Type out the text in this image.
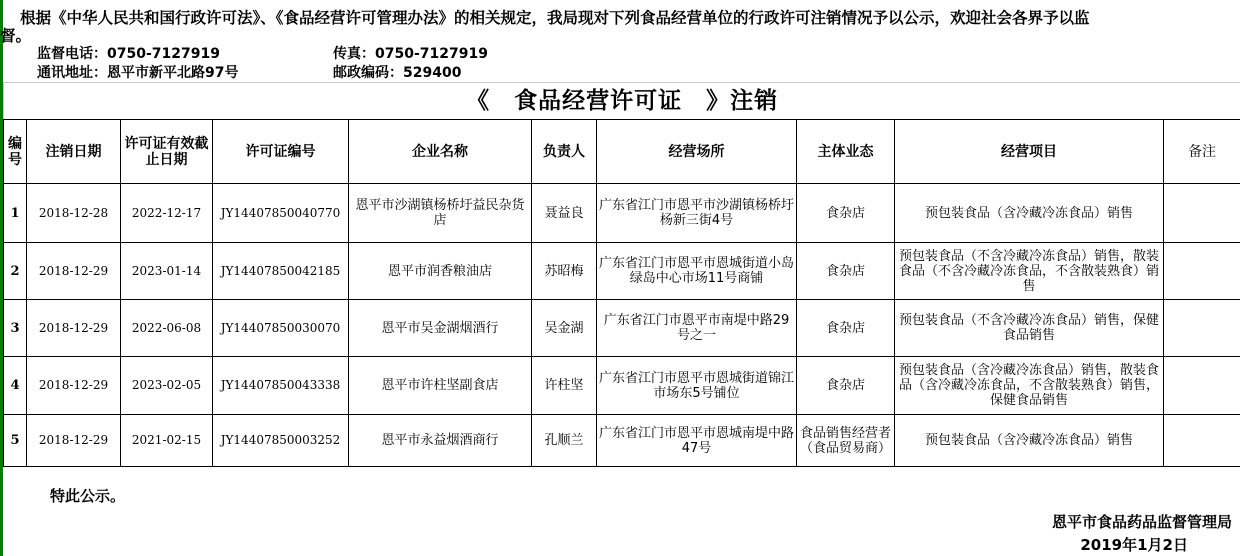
根据《中华人民共和国行政许可法》、《食品经营许可管理办法》的相关规定，我局现对下列食品经营单位的行政许可注销情况予以公示，欢迎社会各界予以监
督。
监督电话：0750-7127919	传真：0750-7127919
通讯地址：恩平市新平北路97号	邮政编码：529400
《　食品经营许可证　》注销									
编号	注销日期	许可证有效截止日期	许可证编号	企业名称	负责人	经营场所	主体业态	经营项目	备注
1	2018-12-28	2022-12-17	JY14407850040770	恩平市沙湖镇杨桥圩益民杂货店	聂益良	广东省江门市恩平市沙湖镇杨桥圩杨新三街4号	食杂店	预包装食品（含冷藏冷冻食品）销售	
2	2018-12-29	2023-01-14	JY14407850042185	恩平市润香粮油店	苏昭梅	广东省江门市恩平市恩城街道小岛绿岛中心市场11号商铺	食杂店	预包装食品（不含冷藏冷冻食品）销售，散装食品（不含冷藏冷冻食品，不含散装熟食）销售	
3	2018-12-29	2022-06-08	JY14407850030070	恩平市吴金湖烟酒行	吴金湖	广东省江门市恩平市南堤中路29号之一	食杂店	预包装食品（不含冷藏冷冻食品）销售，保健食品销售	
4	2018-12-29	2023-02-05	JY14407850043338	恩平市许柱坚副食店	许柱坚	广东省江门市恩平市恩城街道锦江市场东5号铺位	食杂店	预包装食品（含冷藏冷冻食品）销售，散装食品（含冷藏冷冻食品，不含散装熟食）销售，保健食品销售	
5	2018-12-29	2021-02-15	JY14407850003252	恩平市永益烟酒商行	孔顺兰	广东省江门市恩平市恩城南堤中路47号	食品销售经营者（食品贸易商）	预包装食品（含冷藏冷冻食品）销售	
特此公示。
恩平市食品药品监督管理局
2019年1月2日
